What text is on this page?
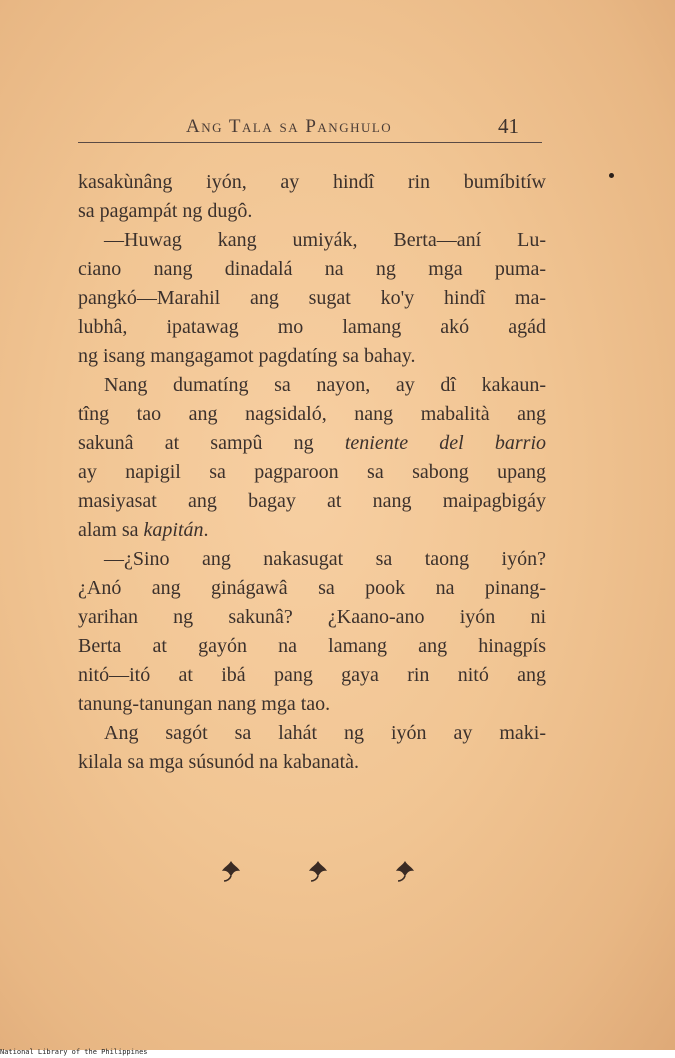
Ang Tala sa Panghulo	41
kasakùnâng iyón, ay hindî rin bumíbitíw
sa pagampát ng dugô.
—Huwag kang umiyák, Berta—aní Lu-
ciano nang dinadalá na ng mga puma-
pangkó—Marahil ang sugat ko'y hindî ma-
lubhâ, ipatawag mo lamang akó agád
ng isang mangagamot pagdatíng sa bahay.
Nang dumatíng sa nayon, ay dî kakaun-
tîng tao ang nagsidaló, nang mabalità ang
sakunâ at sampû ng teniente del barrio
ay napigil sa pagparoon sa sabong upang
masiyasat ang bagay at nang maipagbigáy
alam sa kapitán.
—¿Sino ang nakasugat sa taong iyón?
¿Anó ang ginágawâ sa pook na pinang-
yarihan ng sakunâ? ¿Kaano-ano iyón ni
Berta at gayón na lamang ang hinagpís
nitó—itó at ibá pang gaya rin nitó ang
tanung-tanungan nang mga tao.
Ang sagót sa lahát ng iyón ay maki-
kilala sa mga súsunód na kabanatà.
National Library of the Philippines
